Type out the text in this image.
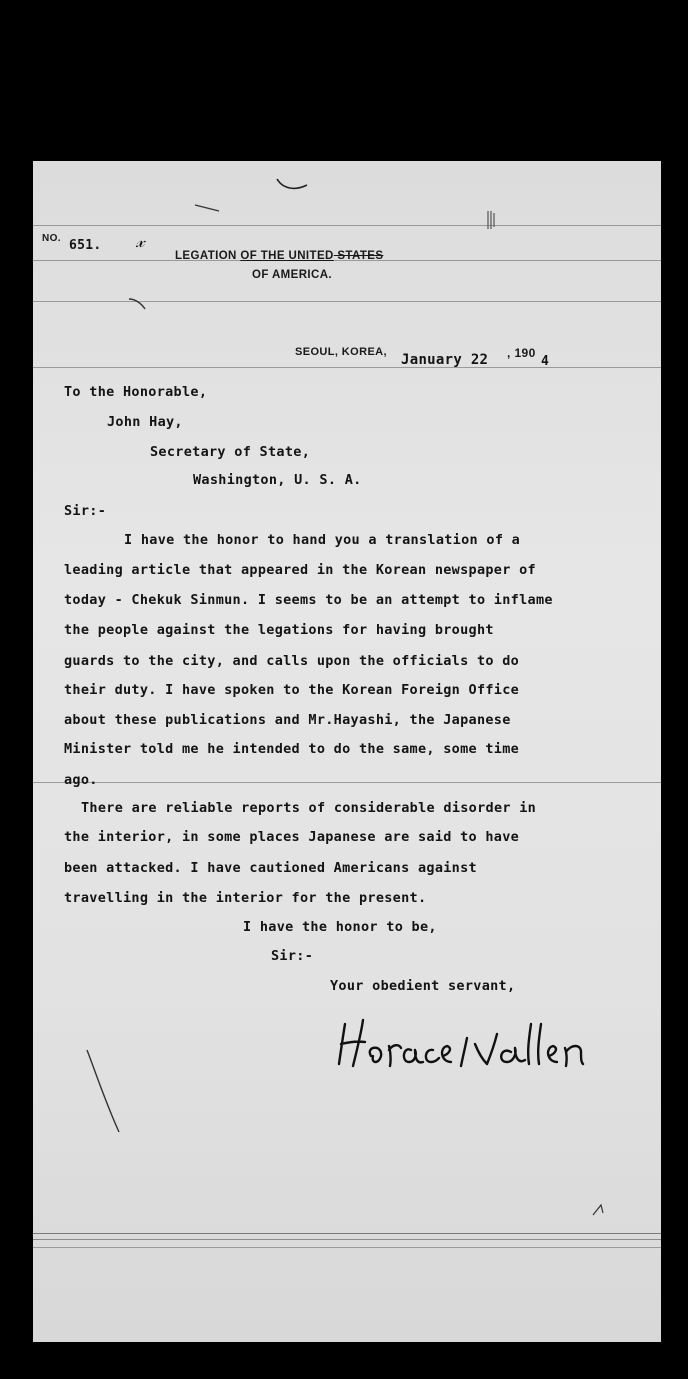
NO. 651. 𝓍
LEGATION OF THE UNITED STATES
OF AMERICA.
SEOUL, KOREA, January 22 , 190
4
To the Honorable,
John Hay,
Secretary of State,
Washington, U. S. A.
Sir:-
I have the honor to hand you a translation of a
leading article that appeared in the Korean newspaper of
today - Chekuk Sinmun. I seems to be an attempt to inflame
the people against the legations for having brought
guards to the city, and calls upon the officials to do
their duty. I have spoken to the Korean Foreign Office
about these publications and Mr.Hayashi, the Japanese
Minister told me he intended to do the same, some time
ago.
There are reliable reports of considerable disorder in
the interior, in some places Japanese are said to have
been attacked. I have cautioned Americans against
travelling in the interior for the present.
I have the honor to be,
Sir:-
Your obedient servant,
